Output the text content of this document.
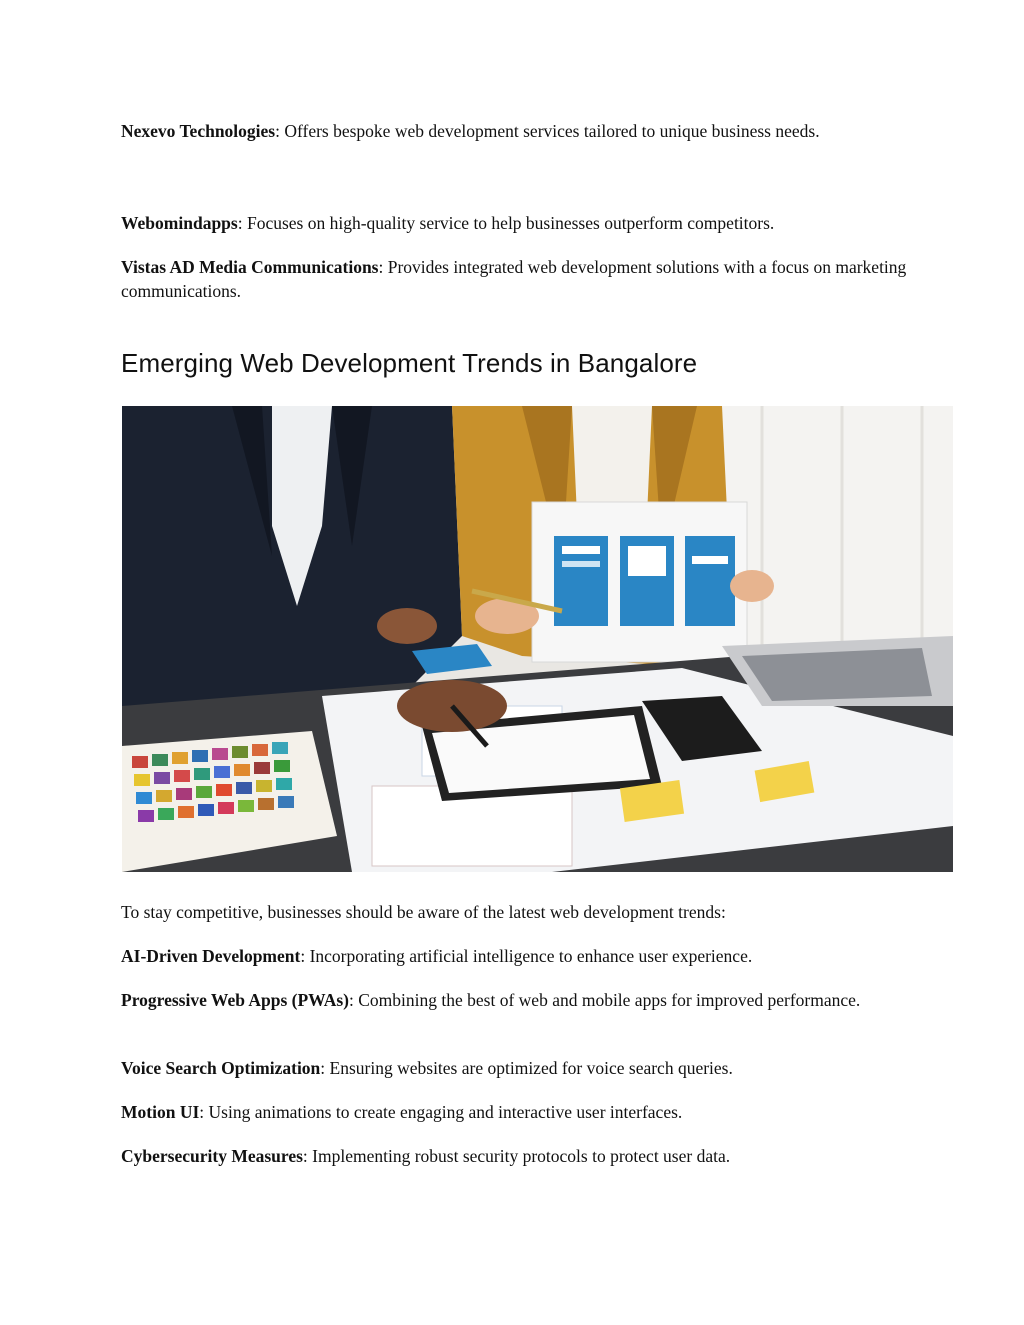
Nexevo Technologies: Offers bespoke web development services tailored to unique business needs.

Webomindapps: Focuses on high-quality service to help businesses outperform competitors.

Vistas AD Media Communications: Provides integrated web development solutions with a focus on marketing communications.

Emerging Web Development Trends in Bangalore

To stay competitive, businesses should be aware of the latest web development trends:

AI-Driven Development: Incorporating artificial intelligence to enhance user experience.

Progressive Web Apps (PWAs): Combining the best of web and mobile apps for improved performance.

Voice Search Optimization: Ensuring websites are optimized for voice search queries.

Motion UI: Using animations to create engaging and interactive user interfaces.

Cybersecurity Measures: Implementing robust security protocols to protect user data.
